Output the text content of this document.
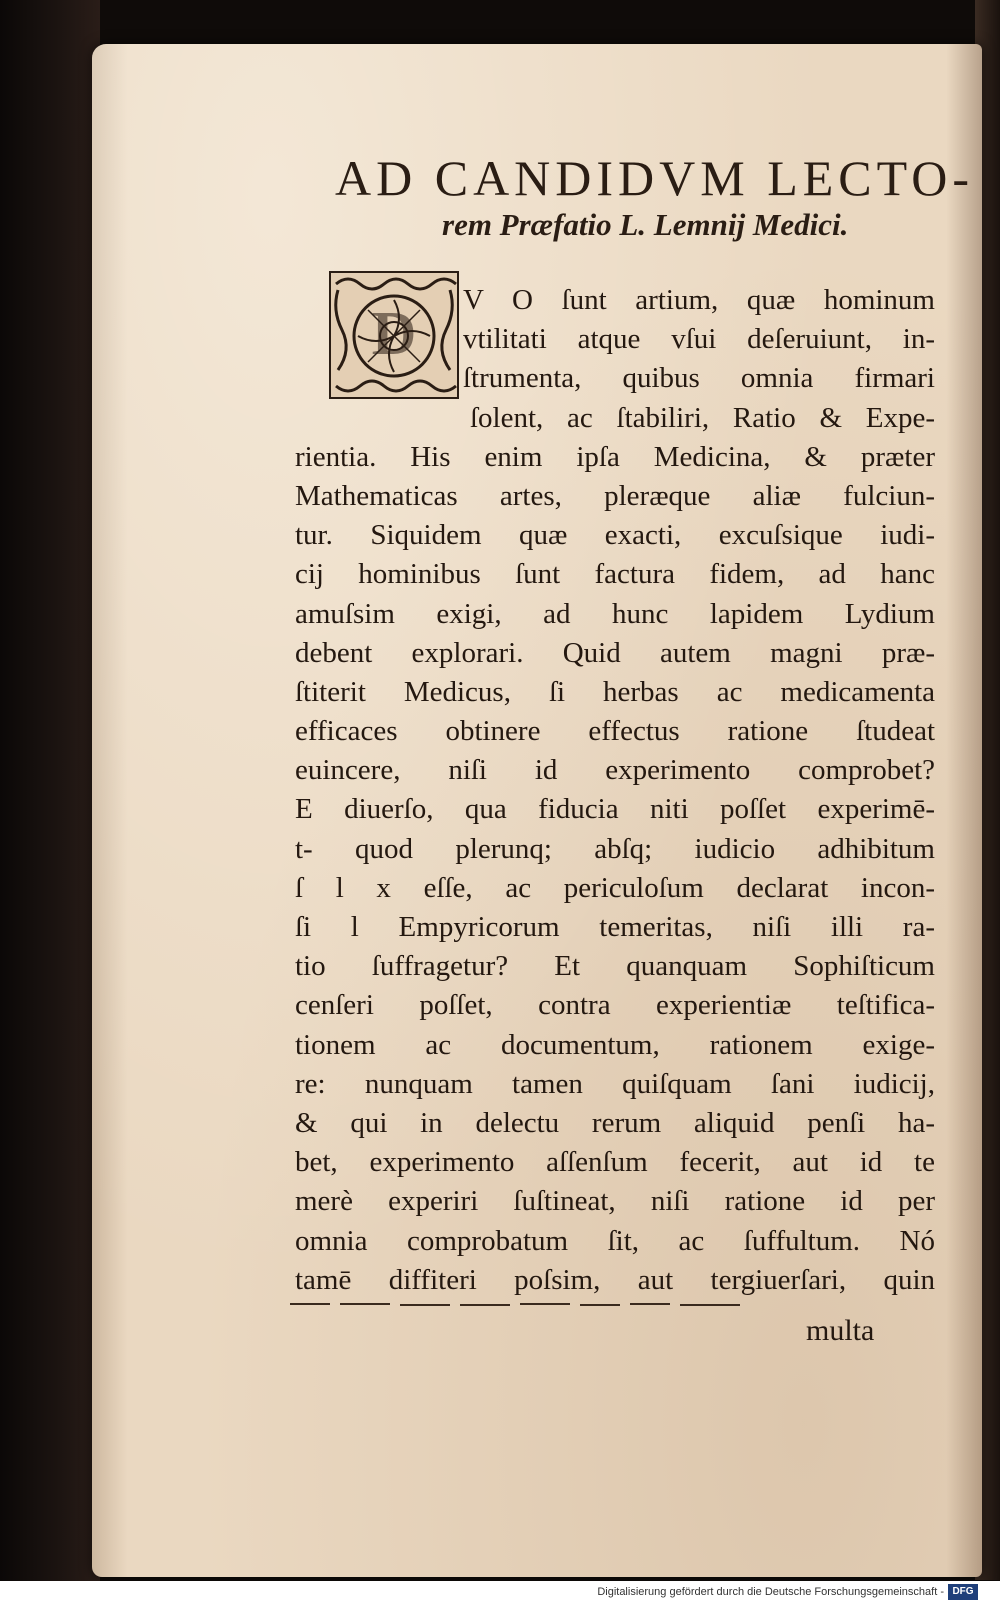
AD CANDIDVM LECTO-
rem Præfatio L. Lemnij Medici.
D	V O ſunt artium, quæ hominum
vtilitati atque vſui deſeruiunt, in-
ſtrumenta, quibus omnia firmari
ſolent, ac ſtabiliri, Ratio & Expe-
rientia. His enim ipſa Medicina, & præter
Mathematicas artes, pleræque aliæ fulciun-
tur. Siquidem quæ exacti, excuſsique iudi-
cij hominibus ſunt factura fidem, ad hanc
amuſsim exigi, ad hunc lapidem Lydium
debent explorari. Quid autem magni præ-
ſtiterit Medicus, ſi herbas ac medicamenta
efficaces obtinere effectus ratione ſtudeat
euincere, niſi id experimento comprobet?
E diuerſo, qua fiducia niti poſſet experimē-
t‑ quod plerunq; abſq; iudicio adhibitum
ſ l x eſſe, ac periculoſum declarat incon-
ſi l Empyricorum temeritas, niſi illi ra-
tio ſuffragetur? Et quanquam Sophiſticum
cenſeri poſſet, contra experientiæ teſtifica-
tionem ac documentum, rationem exige-
re: nunquam tamen quiſquam ſani iudicij,
& qui in delectu rerum aliquid penſi ha-
bet, experimento aſſenſum fecerit, aut id te
merè experiri ſuſtineat, niſi ratione id per
omnia comprobatum ſit, ac ſuffultum. Nó
tamē diffiteri poſsim, aut tergiuerſari, quin
multa
Digitalisierung gefördert durch die Deutsche Forschungsgemeinschaft - DFG
